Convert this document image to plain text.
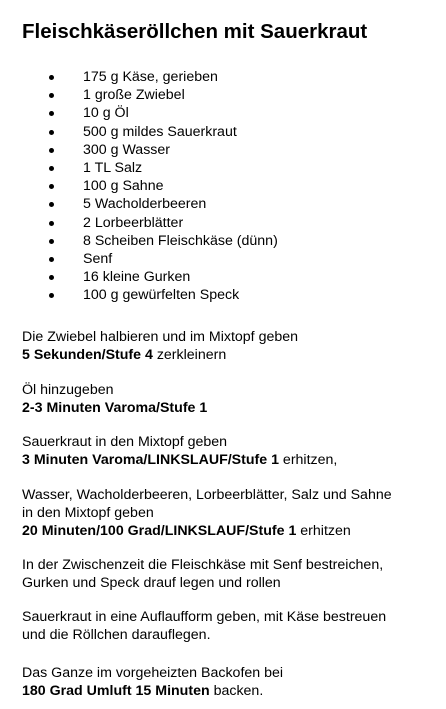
Fleischkäseröllchen mit Sauerkraut
175 g Käse, gerieben
1 große Zwiebel
10 g Öl
500 g mildes Sauerkraut
300 g Wasser
1 TL Salz
100 g Sahne
5 Wacholderbeeren
2 Lorbeerblätter
8 Scheiben Fleischkäse (dünn)
Senf
16 kleine Gurken
100 g gewürfelten Speck

Die Zwiebel halbieren und im Mixtopf geben
5 Sekunden/Stufe 4 zerkleinern

Öl hinzugeben
2-3 Minuten Varoma/Stufe 1

Sauerkraut in den Mixtopf geben
3 Minuten Varoma/LINKSLAUF/Stufe 1 erhitzen,

Wasser, Wacholderbeeren, Lorbeerblätter, Salz und Sahne
in den Mixtopf geben
20 Minuten/100 Grad/LINKSLAUF/Stufe 1 erhitzen

In der Zwischenzeit die Fleischkäse mit Senf bestreichen,
Gurken und Speck drauf legen und rollen

Sauerkraut in eine Auflaufform geben, mit Käse bestreuen
und die Röllchen darauflegen.

Das Ganze im vorgeheizten Backofen bei
180 Grad Umluft 15 Minuten backen.
